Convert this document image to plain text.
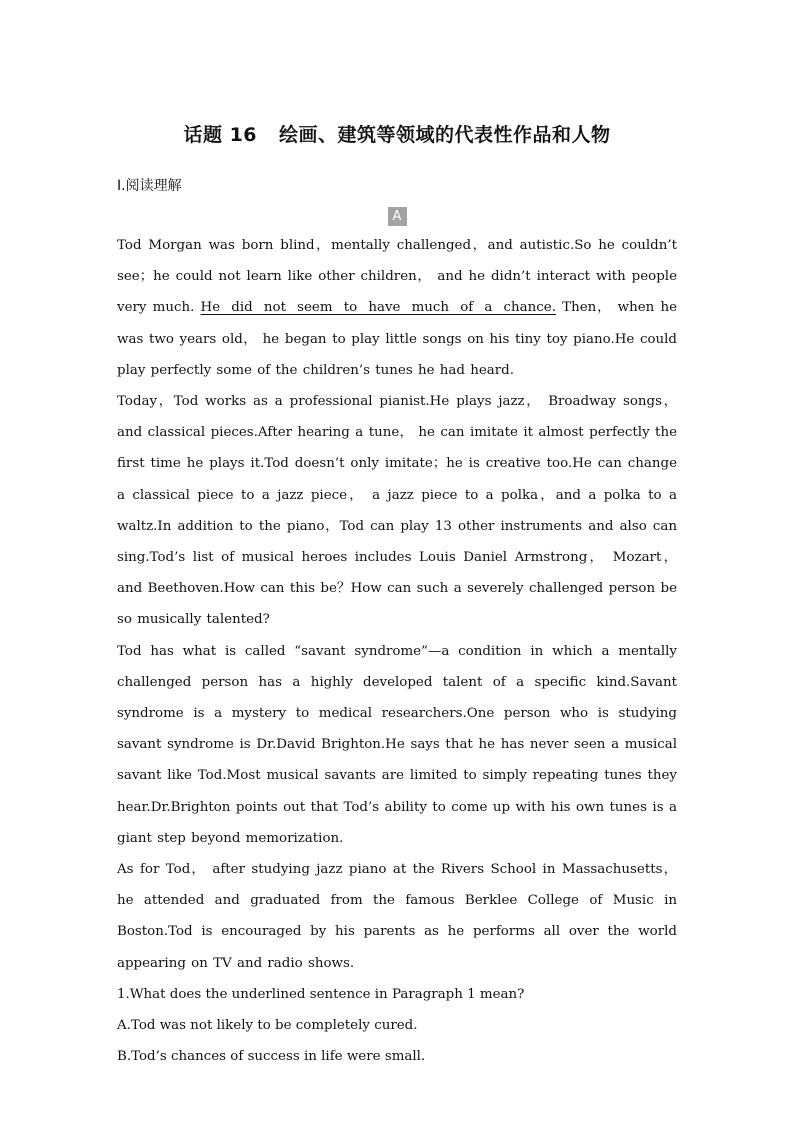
话题 16 绘画、建筑等领域的代表性作品和人物
Ⅰ.阅读理解
A

Tod Morgan was born blind，mentally challenged，and autistic.So he couldn’t see；he could not learn like other children， and he didn’t interact with people very much. He did not seem to have much of a chance. Then， when he was two years old， he began to play little songs on his tiny toy piano.He could play perfectly some of the children’s tunes he had heard.

Today，Tod works as a professional pianist.He plays jazz， Broadway songs， and classical pieces.After hearing a tune， he can imitate it almost perfectly the first time he plays it.Tod doesn’t only imitate；he is creative too.He can change a classical piece to a jazz piece， a jazz piece to a polka，and a polka to a waltz.In addition to the piano，Tod can play 13 other instruments and also can sing.Tod’s list of musical heroes includes Louis Daniel Armstrong， Mozart， and Beethoven.How can this be？How can such a severely challenged person be so musically talented?

Tod has what is called “savant syndrome”—a condition in which a mentally challenged person has a highly developed talent of a specific kind.Savant syndrome is a mystery to medical researchers.One person who is studying savant syndrome is Dr.David Brighton.He says that he has never seen a musical savant like Tod.Most musical savants are limited to simply repeating tunes they hear.Dr.Brighton points out that Tod’s ability to come up with his own tunes is a giant step beyond memorization.

As for Tod， after studying jazz piano at the Rivers School in Massachusetts， he attended and graduated from the famous Berklee College of Music in Boston.Tod is encouraged by his parents as he performs all over the world appearing on TV and radio shows.

1.What does the underlined sentence in Paragraph 1 mean?

A.Tod was not likely to be completely cured.

B.Tod’s chances of success in life were small.
